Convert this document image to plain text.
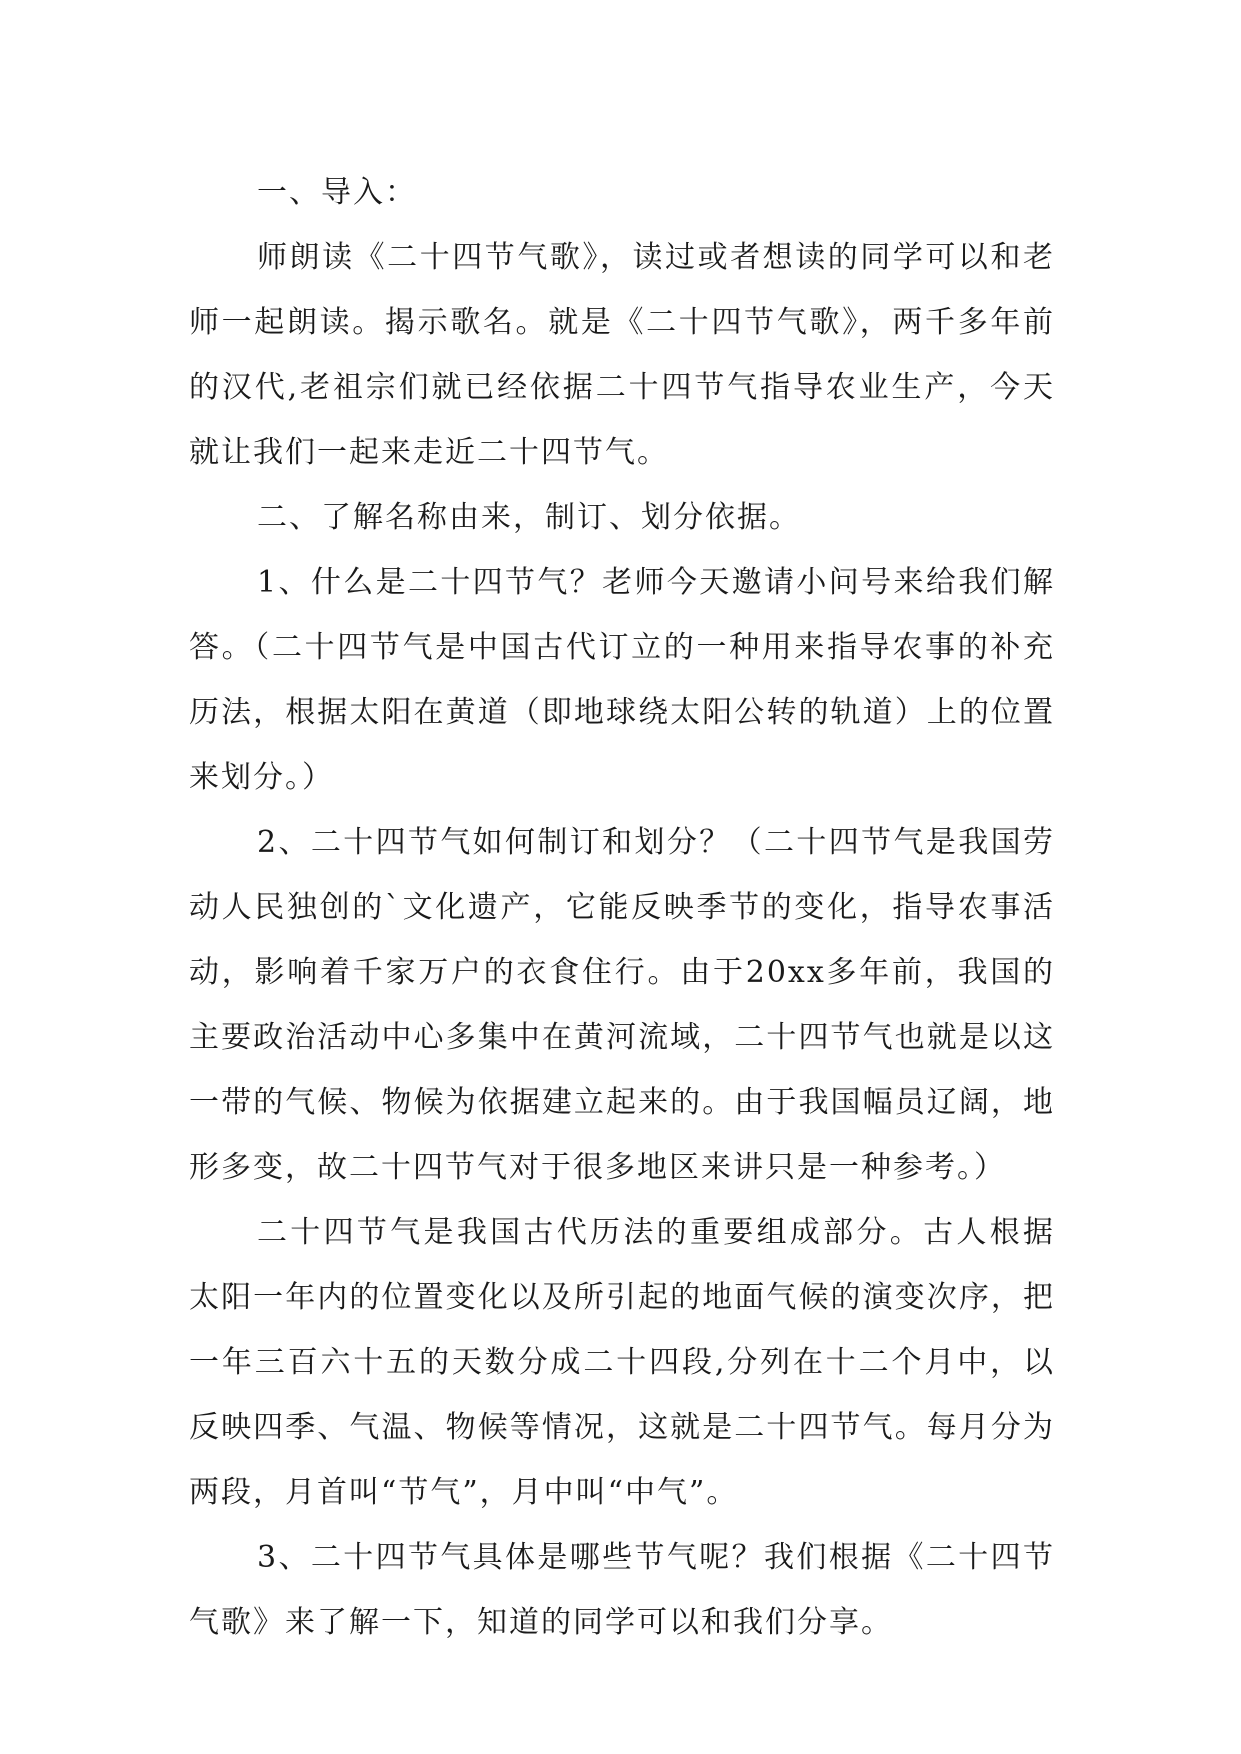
一、导入：

师朗读《二十四节气歌》，读过或者想读的同学可以和老师一起朗读。揭示歌名。就是《二十四节气歌》，两千多年前的汉代,老祖宗们就已经依据二十四节气指导农业生产，今天就让我们一起来走近二十四节气。

二、了解名称由来，制订、划分依据。

1、什么是二十四节气？老师今天邀请小问号来给我们解答。（二十四节气是中国古代订立的一种用来指导农事的补充历法，根据太阳在黄道（即地球绕太阳公转的轨道）上的位置来划分。）

2、二十四节气如何制订和划分？（二十四节气是我国劳动人民独创的`文化遗产，它能反映季节的变化，指导农事活动，影响着千家万户的衣食住行。由于20xx多年前，我国的主要政治活动中心多集中在黄河流域，二十四节气也就是以这一带的气候、物候为依据建立起来的。由于我国幅员辽阔，地形多变，故二十四节气对于很多地区来讲只是一种参考。）

二十四节气是我国古代历法的重要组成部分。古人根据太阳一年内的位置变化以及所引起的地面气候的演变次序，把一年三百六十五的天数分成二十四段,分列在十二个月中，以反映四季、气温、物候等情况，这就是二十四节气。每月分为两段，月首叫“节气”，月中叫“中气”。

3、二十四节气具体是哪些节气呢？我们根据《二十四节气歌》来了解一下，知道的同学可以和我们分享。
